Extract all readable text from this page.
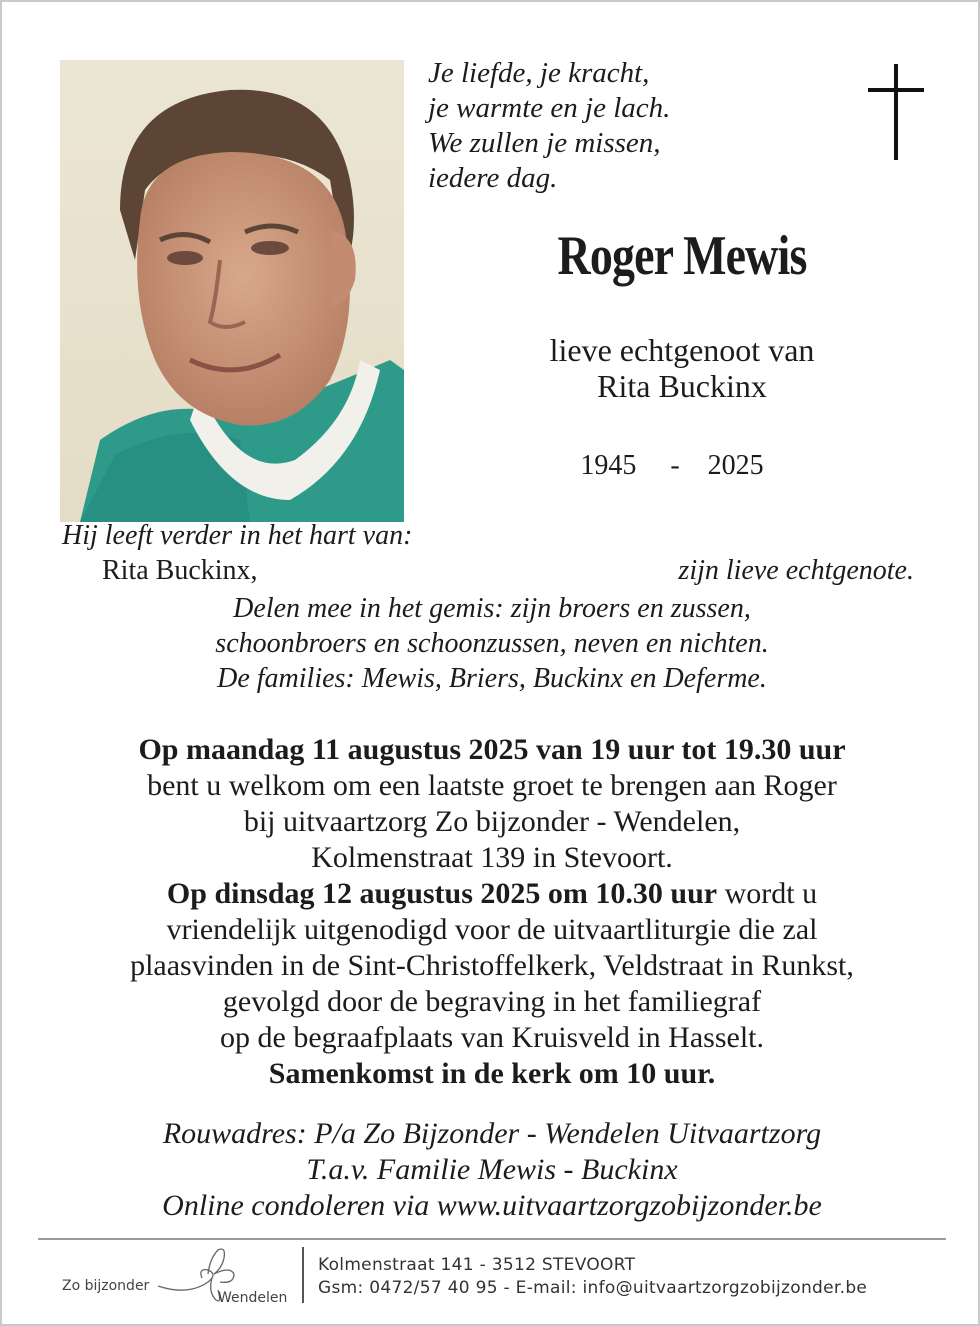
Je liefde, je kracht,
je warmte en je lach.
We zullen je missen,
iedere dag.
Roger Mewis
lieve echtgenoot van
Rita Buckinx
1945 - 2025
Hij leeft verder in het hart van:
Rita Buckinx,	zijn lieve echtgenote.
Delen mee in het gemis: zijn broers en zussen,
schoonbroers en schoonzussen, neven en nichten.
De families: Mewis, Briers, Buckinx en Deferme.
Op maandag 11 augustus 2025 van 19 uur tot 19.30 uur
bent u welkom om een laatste groet te brengen aan Roger
bij uitvaartzorg Zo bijzonder - Wendelen,
Kolmenstraat 139 in Stevoort.
Op dinsdag 12 augustus 2025 om 10.30 uur wordt u
vriendelijk uitgenodigd voor de uitvaartliturgie die zal
plaasvinden in de Sint-Christoffelkerk, Veldstraat in Runkst,
gevolgd door de begraving in het familiegraf
op de begraafplaats van Kruisveld in Hasselt.
Samenkomst in de kerk om 10 uur.
Rouwadres: P/a Zo Bijzonder - Wendelen Uitvaartzorg
T.a.v. Familie Mewis - Buckinx
Online condoleren via www.uitvaartzorgzobijzonder.be
Zo bijzonder
Wendelen
Kolmenstraat 141 - 3512 STEVOORT
Gsm: 0472/57 40 95 - E-mail: info@uitvaartzorgzobijzonder.be
